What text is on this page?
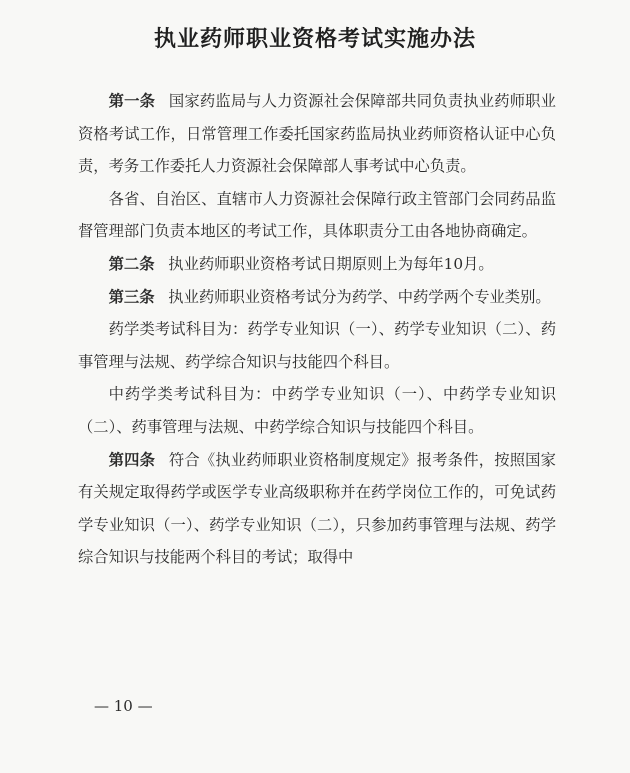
执业药师职业资格考试实施办法

第一条 国家药监局与人力资源社会保障部共同负责执业药师职业资格考试工作，日常管理工作委托国家药监局执业药师资格认证中心负责，考务工作委托人力资源社会保障部人事考试中心负责。

各省、自治区、直辖市人力资源社会保障行政主管部门会同药品监督管理部门负责本地区的考试工作，具体职责分工由各地协商确定。

第二条 执业药师职业资格考试日期原则上为每年10月。

第三条 执业药师职业资格考试分为药学、中药学两个专业类别。

药学类考试科目为：药学专业知识（一）、药学专业知识（二）、药事管理与法规、药学综合知识与技能四个科目。

中药学类考试科目为：中药学专业知识（一）、中药学专业知识（二）、药事管理与法规、中药学综合知识与技能四个科目。

第四条 符合《执业药师职业资格制度规定》报考条件，按照国家有关规定取得药学或医学专业高级职称并在药学岗位工作的，可免试药学专业知识（一）、药学专业知识（二），只参加药事管理与法规、药学综合知识与技能两个科目的考试；取得中

— 10 —
